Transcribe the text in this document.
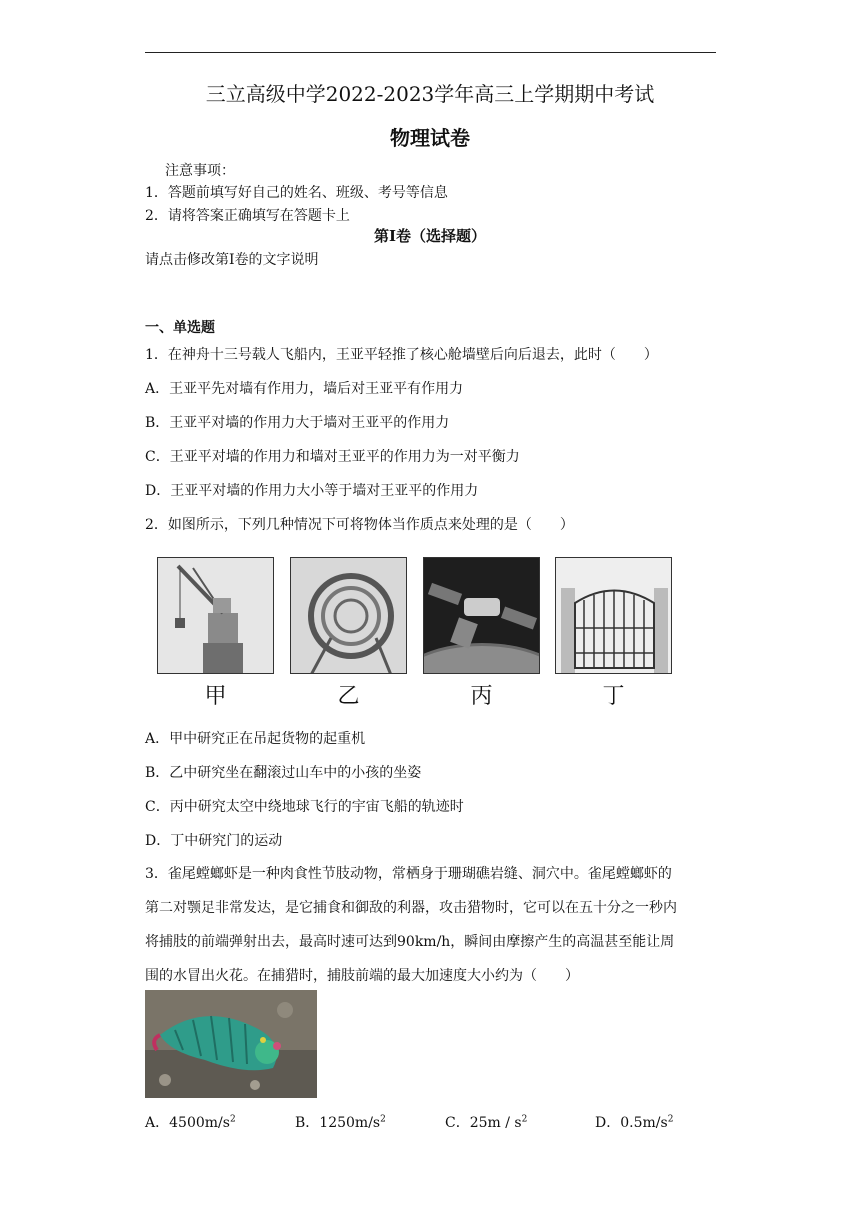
三立高级中学2022-2023学年高三上学期期中考试
物理试卷
注意事项：
1．答题前填写好自己的姓名、班级、考号等信息
2．请将答案正确填写在答题卡上
第I卷（选择题）
请点击修改第I卷的文字说明
一、单选题
1．在神舟十三号载人飞船内，王亚平轻推了核心舱墙壁后向后退去，此时（　　）
A．王亚平先对墙有作用力，墙后对王亚平有作用力
B．王亚平对墙的作用力大于墙对王亚平的作用力
C．王亚平对墙的作用力和墙对王亚平的作用力为一对平衡力
D．王亚平对墙的作用力大小等于墙对王亚平的作用力
2．如图所示，下列几种情况下可将物体当作质点来处理的是（　　）
甲	乙	丙	丁
A．甲中研究正在吊起货物的起重机
B．乙中研究坐在翻滚过山车中的小孩的坐姿
C．丙中研究太空中绕地球飞行的宇宙飞船的轨迹时
D．丁中研究门的运动
3．雀尾螳螂虾是一种肉食性节肢动物，常栖身于珊瑚礁岩缝、洞穴中。雀尾螳螂虾的
第二对颚足非常发达，是它捕食和御敌的利器，攻击猎物时，它可以在五十分之一秒内
将捕肢的前端弹射出去，最高时速可达到90km/h，瞬间由摩擦产生的高温甚至能让周
围的水冒出火花。在捕猎时，捕肢前端的最大加速度大小约为（　　）
A．$4500m/s^2$	B．$1250m/s^2$	C．$25m / s^2$	D．$0.5m/s^2$
